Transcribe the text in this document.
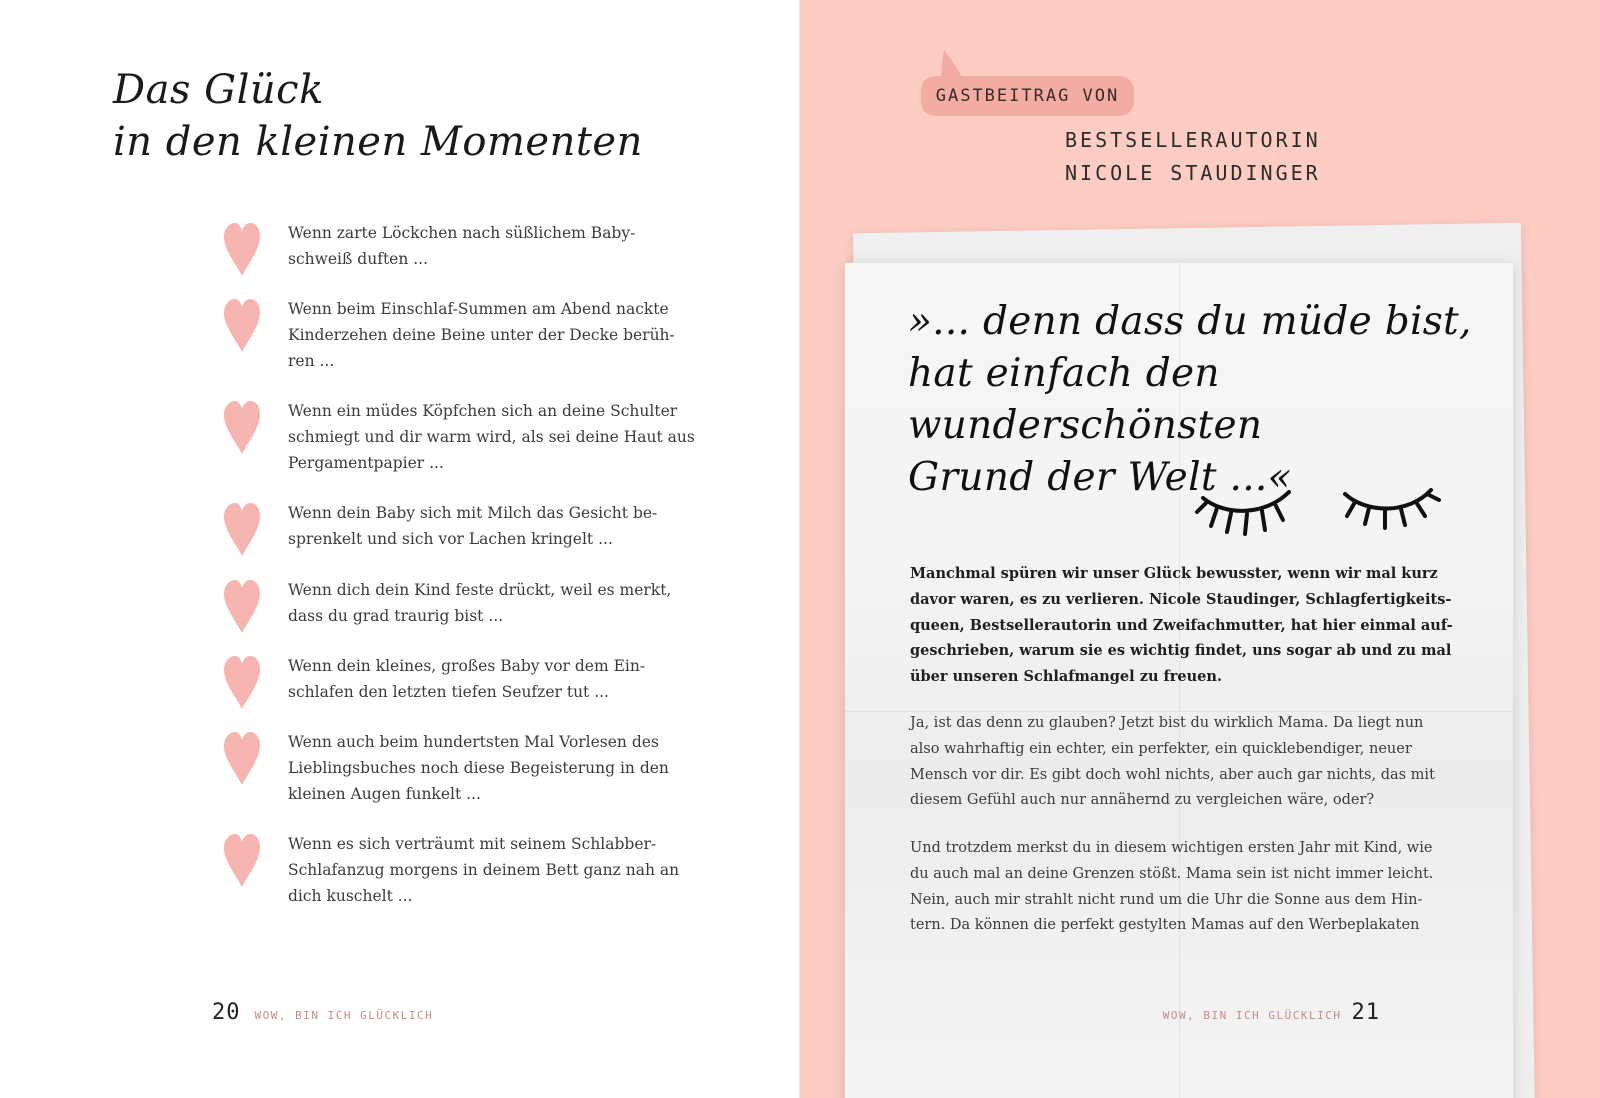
Das Glück
in den kleinen Momenten
20 WOW, BIN ICH GLÜCKLICH

Wenn zarte Löckchen nach süßlichem Baby-
schweiß duften ...

Wenn beim Einschlaf-Summen am Abend nackte
Kinderzehen deine Beine unter der Decke berüh-
ren ...

Wenn ein müdes Köpfchen sich an deine Schulter
schmiegt und dir warm wird, als sei deine Haut aus
Pergamentpapier ...

Wenn dein Baby sich mit Milch das Gesicht be-
sprenkelt und sich vor Lachen kringelt ...

Wenn dich dein Kind feste drückt, weil es merkt,
dass du grad traurig bist ...

Wenn dein kleines, großes Baby vor dem Ein-
schlafen den letzten tiefen Seufzer tut ...

Wenn auch beim hundertsten Mal Vorlesen des
Lieblingsbuches noch diese Begeisterung in den
kleinen Augen funkelt ...

Wenn es sich verträumt mit seinem Schlabber-
Schlafanzug morgens in deinem Bett ganz nah an
dich kuschelt ...

GASTBEITRAG VON
BESTSELLERAUTORIN
NICOLE STAUDINGER
»... denn dass du müde bist,
hat einfach den wunderschönsten
Grund der Welt ...«

Manchmal spüren wir unser Glück bewusster, wenn wir mal kurz
davor waren, es zu verlieren. Nicole Staudinger, Schlagfertigkeits-
queen, Bestsellerautorin und Zweifachmutter, hat hier einmal auf-
geschrieben, warum sie es wichtig findet, uns sogar ab und zu mal
über unseren Schlafmangel zu freuen.

Ja, ist das denn zu glauben? Jetzt bist du wirklich Mama. Da liegt nun
also wahrhaftig ein echter, ein perfekter, ein quicklebendiger, neuer
Mensch vor dir. Es gibt doch wohl nichts, aber auch gar nichts, das mit
diesem Gefühl auch nur annähernd zu vergleichen wäre, oder?

Und trotzdem merkst du in diesem wichtigen ersten Jahr mit Kind, wie
du auch mal an deine Grenzen stößt. Mama sein ist nicht immer leicht.
Nein, auch mir strahlt nicht rund um die Uhr die Sonne aus dem Hin-
tern. Da können die perfekt gestylten Mamas auf den Werbeplakaten

WOW, BIN ICH GLÜCKLICH 21
